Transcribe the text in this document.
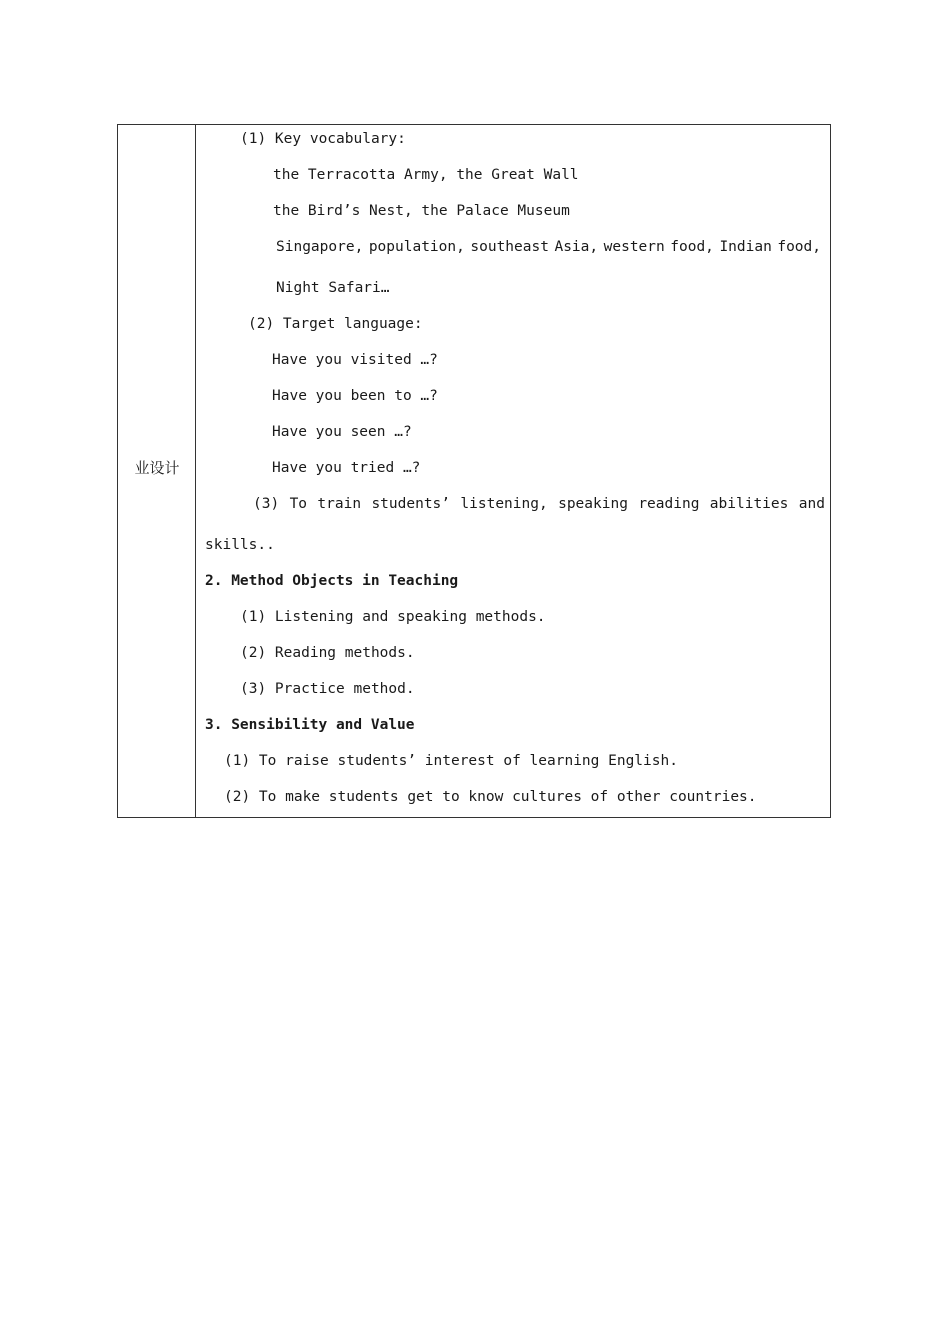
业设计
(1) Key vocabulary:
the Terracotta Army, the Great Wall
the Bird’s Nest, the Palace Museum
Singapore, population, southeast Asia, western food, Indian food,
Night Safari…
(2) Target language:
Have you visited …?
Have you been to …?
Have you seen …?
Have you tried …?
(3) To train students’ listening, speaking reading abilities and
skills..
2. Method Objects in Teaching
(1) Listening and speaking methods.
(2) Reading methods.
(3) Practice method.
3. Sensibility and Value
(1) To raise students’ interest of learning English.
(2) To make students get to know cultures of other countries.
